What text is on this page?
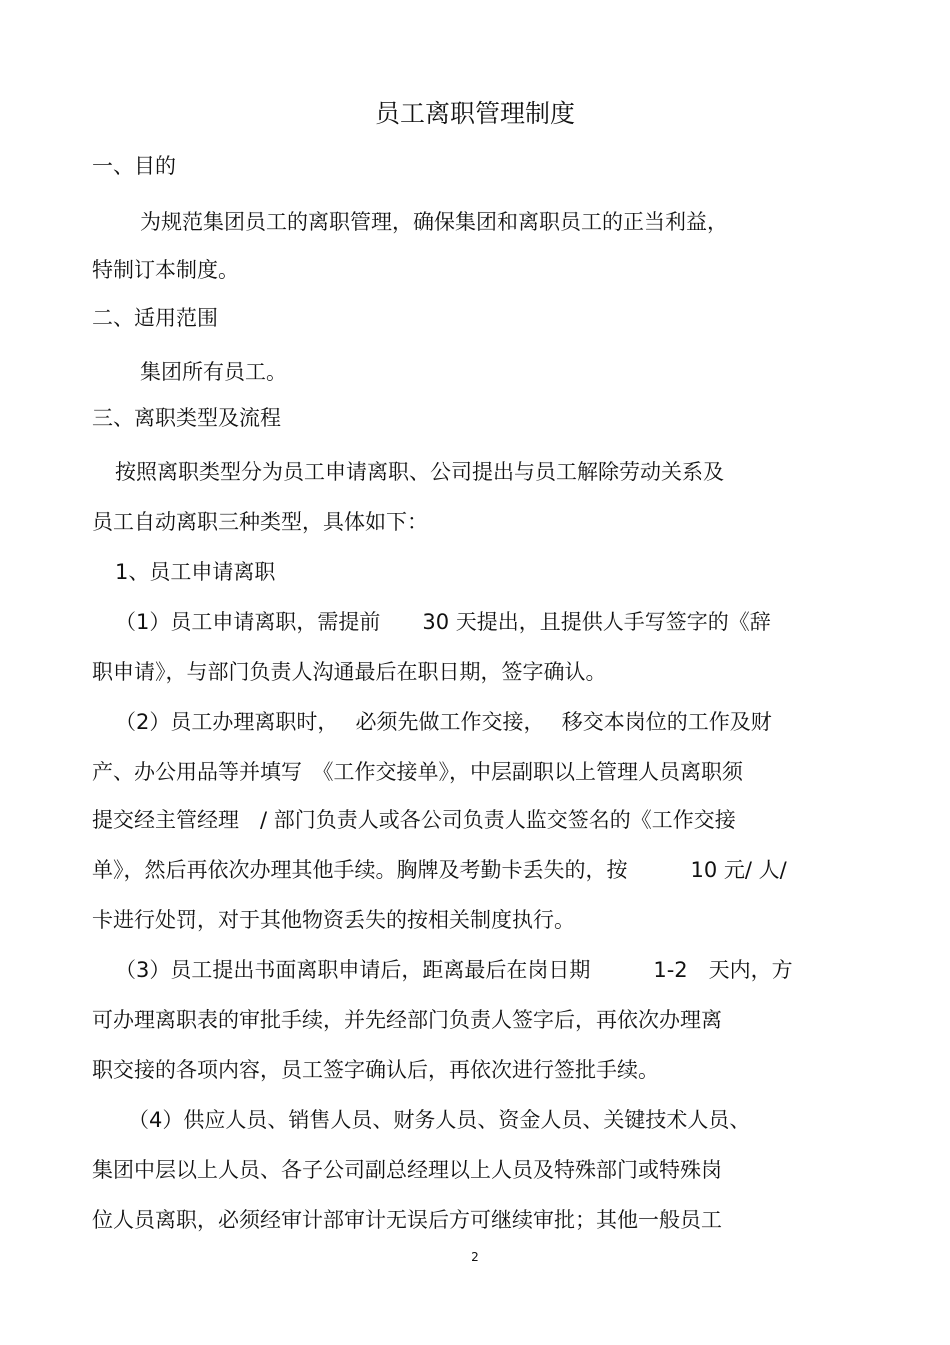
员工离职管理制度
一、目的
为规范集团员工的离职管理，确保集团和离职员工的正当利益，
特制订本制度。
二、适用范围
集团所有员工。
三、离职类型及流程
按照离职类型分为员工申请离职、公司提出与员工解除劳动关系及
员工自动离职三种类型，具体如下：
1、员工申请离职
（1）员工申请离职，需提前　　30 天提出，且提供人手写签字的《辞
职申请》，与部门负责人沟通最后在职日期，签字确认。
（2）员工办理离职时，　 必须先做工作交接，　 移交本岗位的工作及财
产、办公用品等并填写　《工作交接单》，中层副职以上管理人员离职须
提交经主管经理　/ 部门负责人或各公司负责人监交签名的《工作交接
单》，然后再依次办理其他手续。胸牌及考勤卡丢失的，按　　　10 元/ 人/
卡进行处罚，对于其他物资丢失的按相关制度执行。
（3）员工提出书面离职申请后，距离最后在岗日期　　　1-2　天内，方
可办理离职表的审批手续，并先经部门负责人签字后，再依次办理离
职交接的各项内容，员工签字确认后，再依次进行签批手续。
（4）供应人员、销售人员、财务人员、资金人员、关键技术人员、
集团中层以上人员、各子公司副总经理以上人员及特殊部门或特殊岗
位人员离职，必须经审计部审计无误后方可继续审批；其他一般员工
2
